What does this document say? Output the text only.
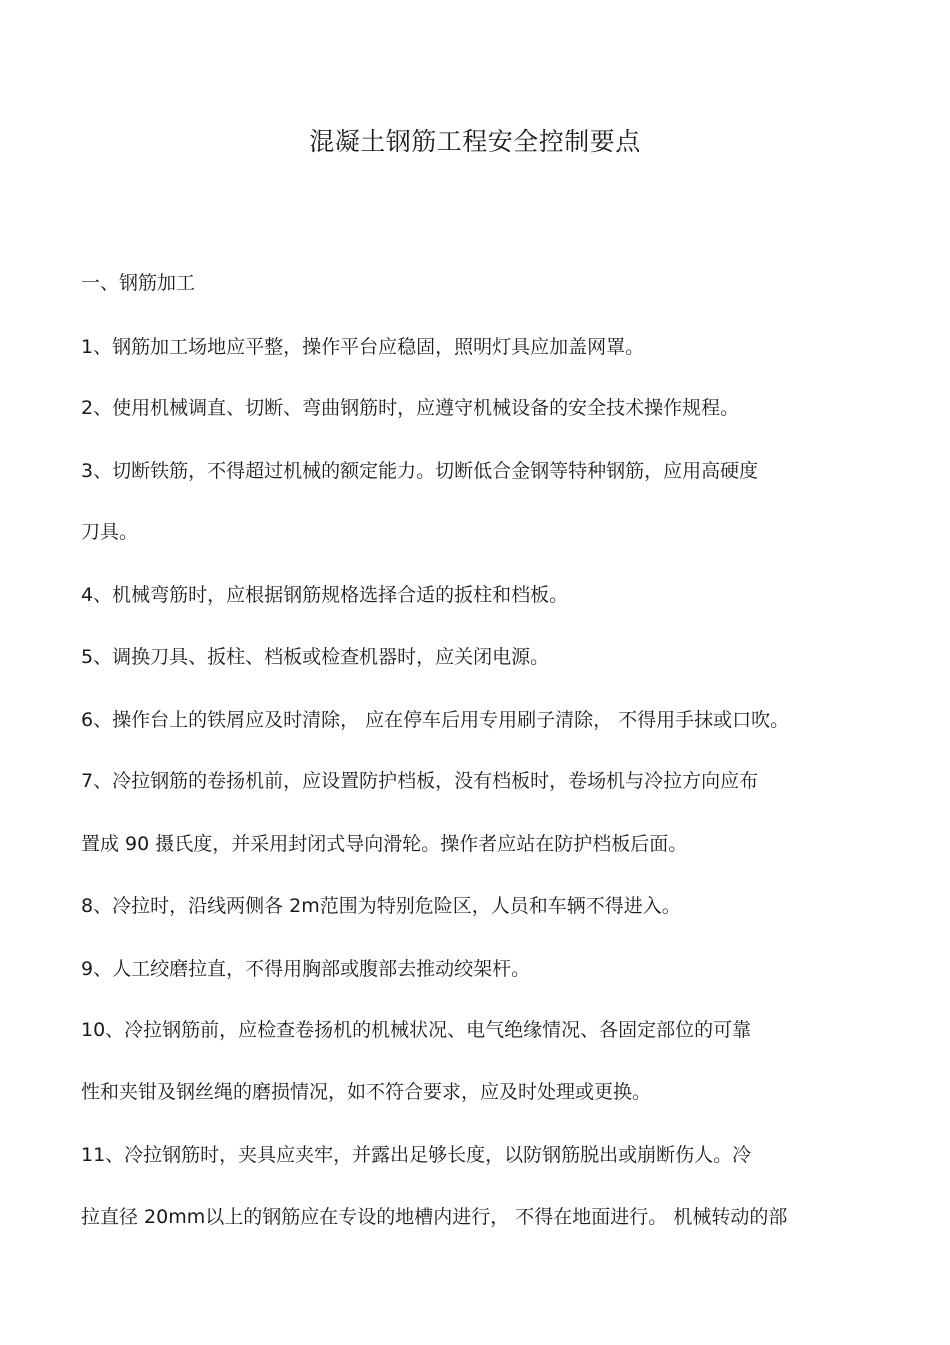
混凝土钢筋工程安全控制要点
一、钢筋加工
1、钢筋加工场地应平整，操作平台应稳固，照明灯具应加盖网罩。
2、使用机械调直、切断、弯曲钢筋时，应遵守机械设备的安全技术操作规程。
3、切断铁筋，不得超过机械的额定能力。切断低合金钢等特种钢筋，应用高硬度
刀具。
4、机械弯筋时，应根据钢筋规格选择合适的扳柱和档板。
5、调换刀具、扳柱、档板或检查机器时，应关闭电源。
6、操作台上的铁屑应及时清除， 应在停车后用专用刷子清除， 不得用手抹或口吹。
7、冷拉钢筋的卷扬机前，应设置防护档板，没有档板时，卷场机与冷拉方向应布
置成 90 摄氏度，并采用封闭式导向滑轮。操作者应站在防护档板后面。
8、冷拉时，沿线两侧各 2m范围为特别危险区，人员和车辆不得进入。
9、人工绞磨拉直，不得用胸部或腹部去推动绞架杆。
10、冷拉钢筋前，应检查卷扬机的机械状况、电气绝缘情况、各固定部位的可靠
性和夹钳及钢丝绳的磨损情况，如不符合要求，应及时处理或更换。
11、冷拉钢筋时，夹具应夹牢，并露出足够长度，以防钢筋脱出或崩断伤人。冷
拉直径 20mm以上的钢筋应在专设的地槽内进行， 不得在地面进行。 机械转动的部
